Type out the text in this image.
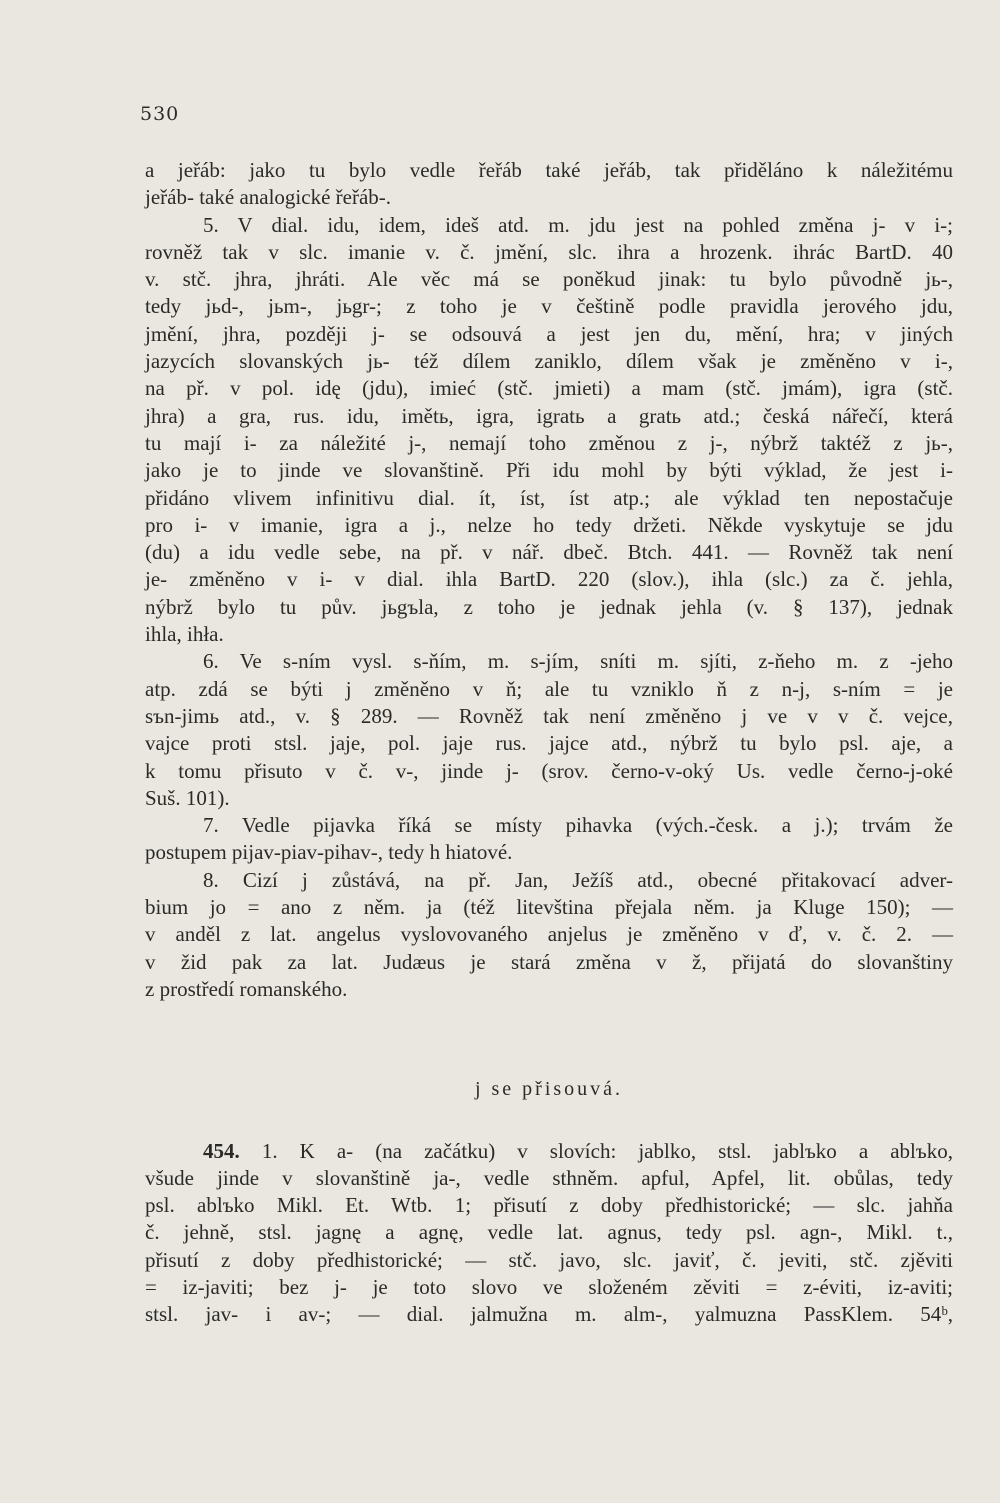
530
a jeřáb: jako tu bylo vedle řeřáb také jeřáb, tak přiděláno k náležitému
jeřáb- také analogické řeřáb-.
5. V dial. idu, idem, ideš atd. m. jdu jest na pohled změna j- v i-;
rovněž tak v slc. imanie v. č. jmění, slc. ihra a hrozenk. ihrác BartD. 40
v. stč. jhra, jhráti. Ale věc má se poněkud jinak: tu bylo původně jь-,
tedy jьd-, jьm-, jьgr-; z toho je v češtině podle pravidla jerového jdu,
jmění, jhra, později j- se odsouvá a jest jen du, mění, hra; v jiných
jazycích slovanských jь- též dílem zaniklo, dílem však je změněno v i-,
na př. v pol. idę (jdu), imieć (stč. jmieti) a mam (stč. jmám), igra (stč.
jhra) a gra, rus. idu, imětь, igra, igratь a gratь atd.; česká nářečí, která
tu mají i- za náležité j-, nemají toho změnou z j-, nýbrž taktéž z jь-,
jako je to jinde ve slovanštině. Při idu mohl by býti výklad, že jest i-
přidáno vlivem infinitivu dial. ít, íst, íst atp.; ale výklad ten nepostačuje
pro i- v imanie, igra a j., nelze ho tedy držeti. Někde vyskytuje se jdu
(du) a idu vedle sebe, na př. v nář. dbeč. Btch. 441. — Rovněž tak není
je- změněno v i- v dial. ihla BartD. 220 (slov.), ihla (slc.) za č. jehla,
nýbrž bylo tu pův. jьgъla, z toho je jednak jehla (v. § 137), jednak
ihla, ihła.
6. Ve s-ním vysl. s-ňím, m. s-jím, sníti m. sjíti, z-ňeho m. z -jeho
atp. zdá se býti j změněno v ň; ale tu vzniklo ň z n-j, s-ním = je
sъn-jimь atd., v. § 289. — Rovněž tak není změněno j ve v v č. vejce,
vajce proti stsl. jaje, pol. jaje rus. jajce atd., nýbrž tu bylo psl. aje, a
k tomu přisuto v č. v-, jinde j- (srov. černo-v-oký Us. vedle černo-j-oké
Suš. 101).
7. Vedle pijavka říká se místy pihavka (vých.-česk. a j.); trvám že
postupem pijav-piav-pihav-, tedy h hiatové.
8. Cizí j zůstává, na př. Jan, Ježíš atd., obecné přitakovací adver-
bium jo = ano z něm. ja (též litevština přejala něm. ja Kluge 150); —
v anděl z lat. angelus vyslovovaného anjelus je změněno v ď, v. č. 2. —
v žid pak za lat. Judæus je stará změna v ž, přijatá do slovanštiny
z prostředí romanského.
j se přisouvá.
454. 1. K a- (na začátku) v slovích: jablko, stsl. jablъko a ablъko,
všude jinde v slovanštině ja-, vedle sthněm. apful, Apfel, lit. obůlas, tedy
psl. ablъko Mikl. Et. Wtb. 1; přisutí z doby předhistorické; — slc. jahňa
č. jehně, stsl. jagnę a agnę, vedle lat. agnus, tedy psl. agn-, Mikl. t.,
přisutí z doby předhistorické; — stč. javo, slc. javiť, č. jeviti, stč. zjěviti
= iz-javiti; bez j- je toto slovo ve složeném zěviti = z-éviti, iz-aviti;
stsl. jav- i av-; — dial. jalmužna m. alm-, yalmuzna PassKlem. 54ᵇ,
